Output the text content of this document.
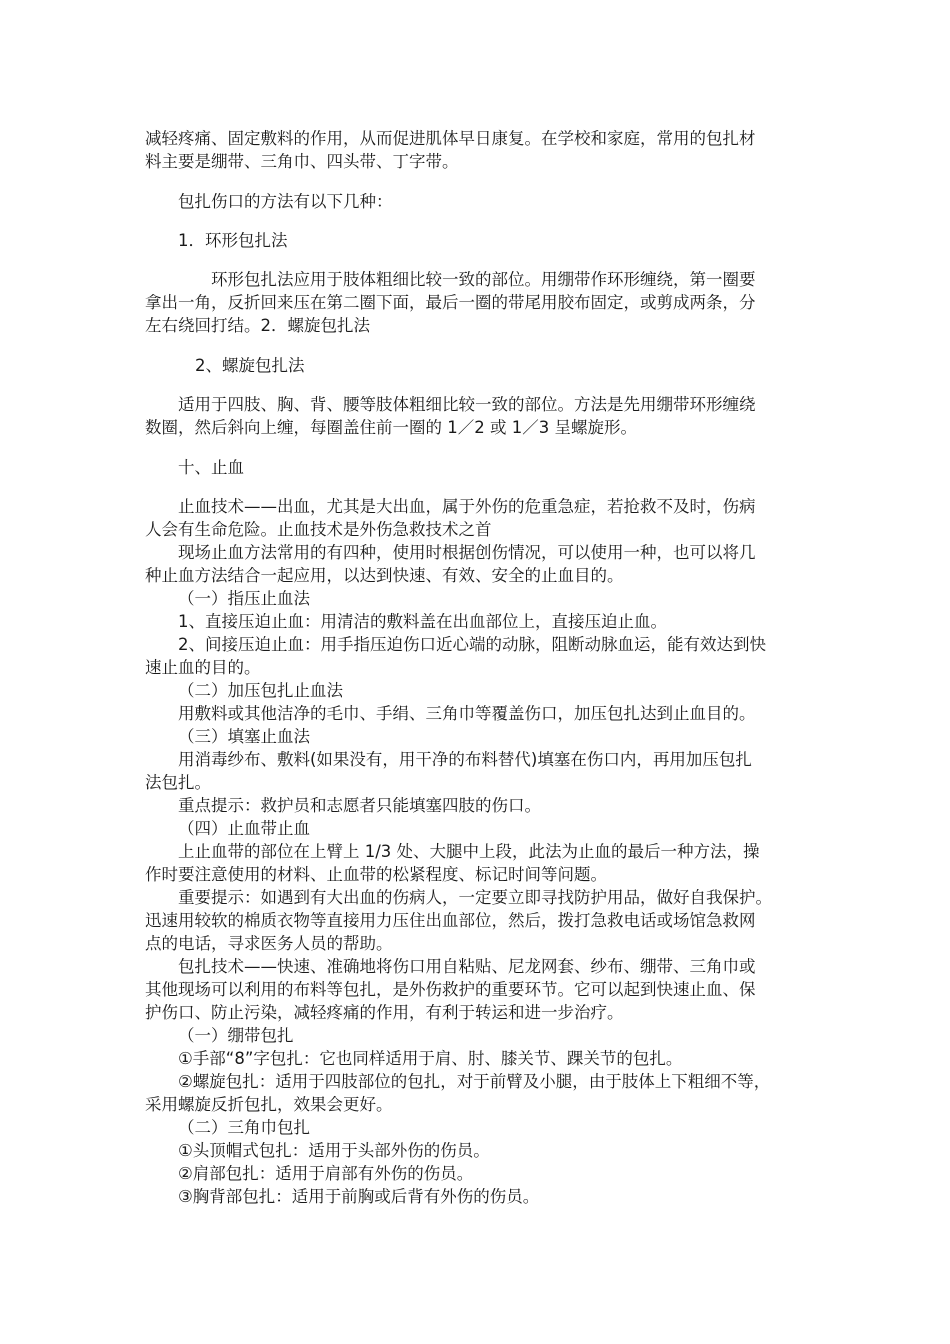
减轻疼痛、固定敷料的作用，从而促进肌体早日康复。在学校和家庭，常用的包扎材
料主要是绷带、三角巾、四头带、丁字带。
包扎伤口的方法有以下几种：
1．环形包扎法
环形包扎法应用于肢体粗细比较一致的部位。用绷带作环形缠绕，第一圈要
拿出一角，反折回来压在第二圈下面，最后一圈的带尾用胶布固定，或剪成两条，分
左右绕回打结。2．螺旋包扎法
2、螺旋包扎法
适用于四肢、胸、背、腰等肢体粗细比较一致的部位。方法是先用绷带环形缠绕
数圈，然后斜向上缠，每圈盖住前一圈的 1／2 或 1／3 呈螺旋形。
十、止血
止血技术——出血，尤其是大出血，属于外伤的危重急症，若抢救不及时，伤病
人会有生命危险。止血技术是外伤急救技术之首
现场止血方法常用的有四种，使用时根据创伤情况，可以使用一种，也可以将几
种止血方法结合一起应用，以达到快速、有效、安全的止血目的。
（一）指压止血法
1、直接压迫止血：用清洁的敷料盖在出血部位上，直接压迫止血。
2、间接压迫止血：用手指压迫伤口近心端的动脉，阻断动脉血运，能有效达到快
速止血的目的。
（二）加压包扎止血法
用敷料或其他洁净的毛巾、手绢、三角巾等覆盖伤口，加压包扎达到止血目的。
（三）填塞止血法
用消毒纱布、敷料(如果没有，用干净的布料替代)填塞在伤口内，再用加压包扎
法包扎。
重点提示：救护员和志愿者只能填塞四肢的伤口。
（四）止血带止血
上止血带的部位在上臂上 1/3 处、大腿中上段，此法为止血的最后一种方法，操
作时要注意使用的材料、止血带的松紧程度、标记时间等问题。
重要提示：如遇到有大出血的伤病人，一定要立即寻找防护用品，做好自我保护。
迅速用较软的棉质衣物等直接用力压住出血部位，然后，拨打急救电话或场馆急救网
点的电话，寻求医务人员的帮助。
包扎技术——快速、准确地将伤口用自粘贴、尼龙网套、纱布、绷带、三角巾或
其他现场可以利用的布料等包扎，是外伤救护的重要环节。它可以起到快速止血、保
护伤口、防止污染，减轻疼痛的作用，有利于转运和进一步治疗。
（一）绷带包扎
①手部“8”字包扎：它也同样适用于肩、肘、膝关节、踝关节的包扎。
②螺旋包扎：适用于四肢部位的包扎，对于前臂及小腿，由于肢体上下粗细不等，
采用螺旋反折包扎，效果会更好。
（二）三角巾包扎
①头顶帽式包扎：适用于头部外伤的伤员。
②肩部包扎：适用于肩部有外伤的伤员。
③胸背部包扎：适用于前胸或后背有外伤的伤员。
